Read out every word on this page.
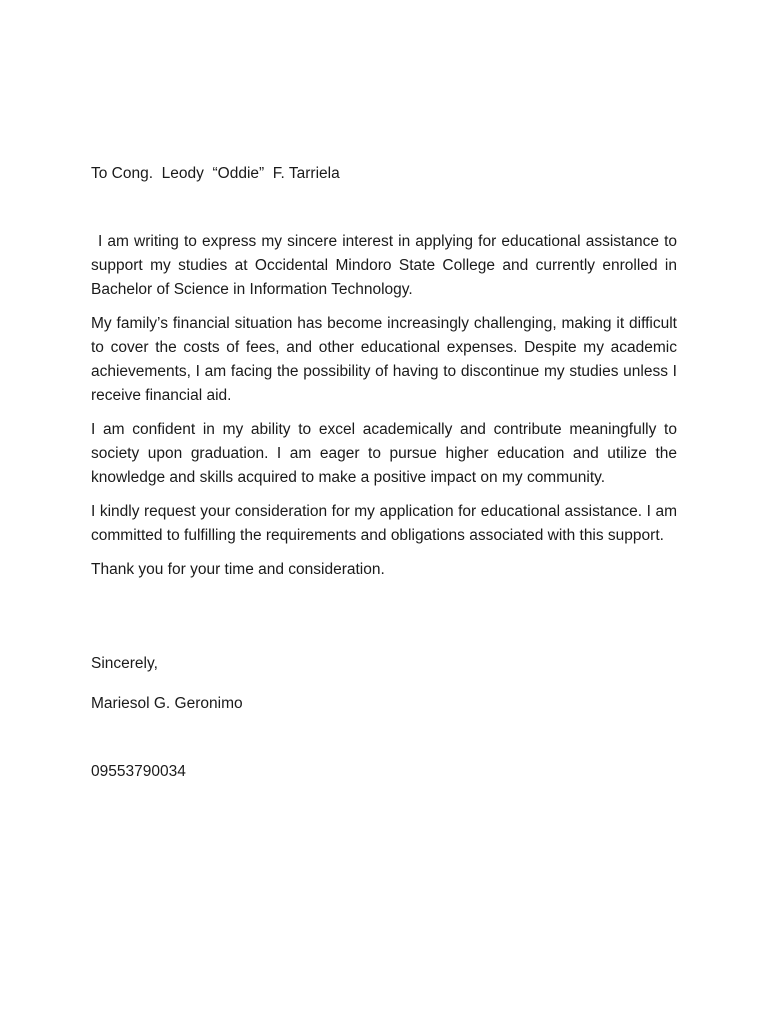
To Cong.  Leody  “Oddie”  F. Tarriela

I am writing to express my sincere interest in applying for educational assistance to support my studies at Occidental Mindoro State College and currently enrolled in Bachelor of Science in Information Technology.

My family’s financial situation has become increasingly challenging, making it difficult to cover the costs of fees, and other educational expenses. Despite my academic achievements, I am facing the possibility of having to discontinue my studies unless I receive financial aid.

I am confident in my ability to excel academically and contribute meaningfully to society upon graduation. I am eager to pursue higher education and utilize the knowledge and skills acquired to make a positive impact on my community.

I kindly request your consideration for my application for educational assistance. I am committed to fulfilling the requirements and obligations associated with this support.

Thank you for your time and consideration.

Sincerely,

Mariesol G. Geronimo

09553790034
